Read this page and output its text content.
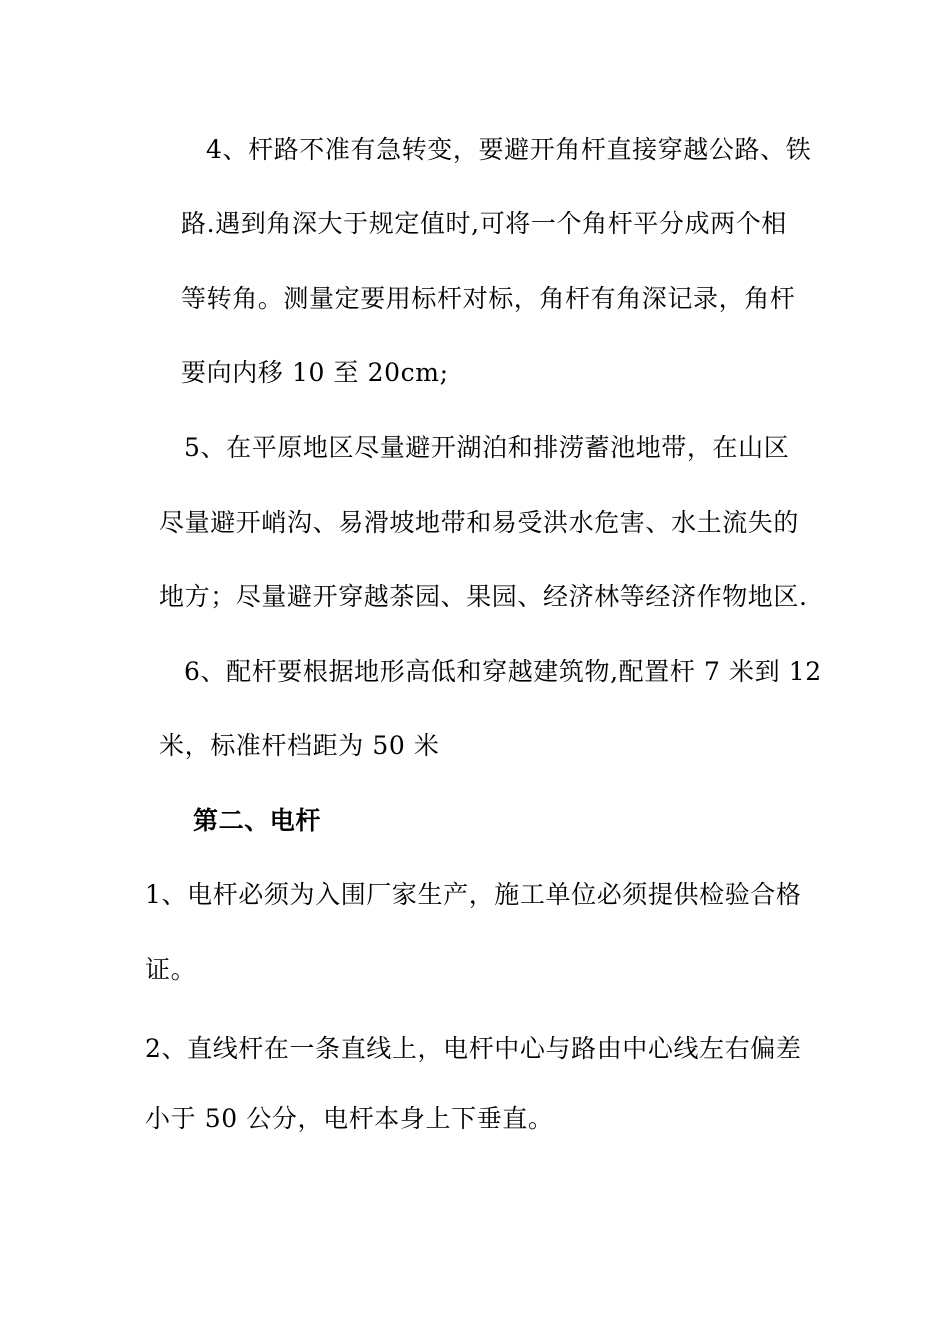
4、杆路不准有急转变，要避开角杆直接穿越公路、铁
路.遇到角深大于规定值时,可将一个角杆平分成两个相
等转角。测量定要用标杆对标，角杆有角深记录，角杆
要向内移 10 至 20cm;
5、在平原地区尽量避开湖泊和排涝蓄池地带，在山区
尽量避开峭沟、易滑坡地带和易受洪水危害、水土流失的
地方；尽量避开穿越茶园、果园、经济林等经济作物地区.
6、配杆要根据地形高低和穿越建筑物,配置杆 7 米到 12
米，标准杆档距为 50 米
第二、电杆
1、电杆必须为入围厂家生产，施工单位必须提供检验合格
证。
2、直线杆在一条直线上，电杆中心与路由中心线左右偏差
小于 50 公分，电杆本身上下垂直。
